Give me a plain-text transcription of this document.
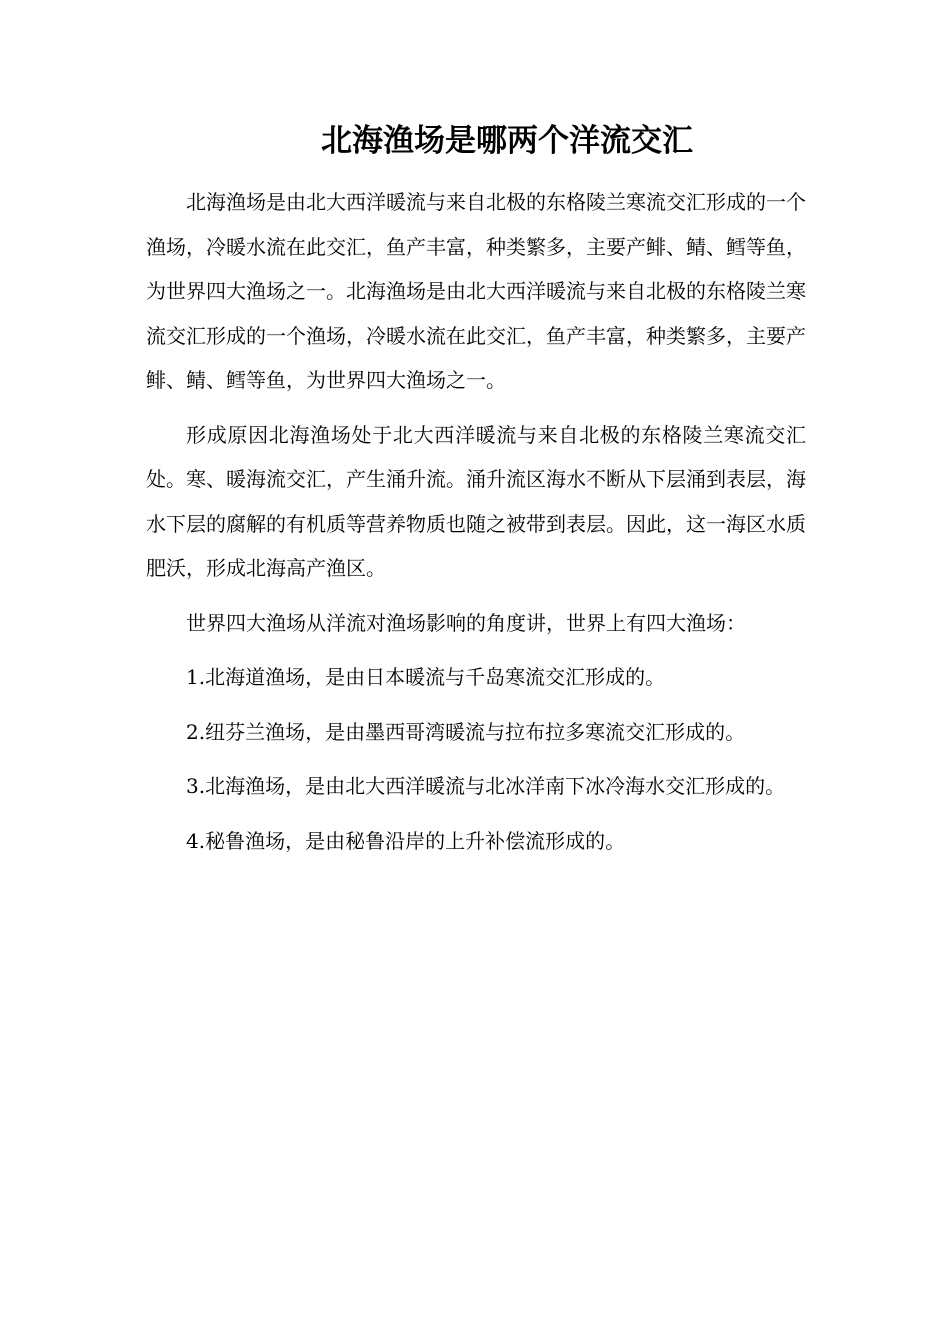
北海渔场是哪两个洋流交汇

北海渔场是由北大西洋暖流与来自北极的东格陵兰寒流交汇形成的一个渔场，冷暖水流在此交汇，鱼产丰富，种类繁多，主要产鲱、鲭、鳕等鱼，为世界四大渔场之一。北海渔场是由北大西洋暖流与来自北极的东格陵兰寒流交汇形成的一个渔场，冷暖水流在此交汇，鱼产丰富，种类繁多，主要产鲱、鲭、鳕等鱼，为世界四大渔场之一。

形成原因北海渔场处于北大西洋暖流与来自北极的东格陵兰寒流交汇处。寒、暖海流交汇，产生涌升流。涌升流区海水不断从下层涌到表层，海水下层的腐解的有机质等营养物质也随之被带到表层。因此，这一海区水质肥沃，形成北海高产渔区。

世界四大渔场从洋流对渔场影响的角度讲，世界上有四大渔场：

1.北海道渔场，是由日本暖流与千岛寒流交汇形成的。

2.纽芬兰渔场，是由墨西哥湾暖流与拉布拉多寒流交汇形成的。

3.北海渔场，是由北大西洋暖流与北冰洋南下冰冷海水交汇形成的。

4.秘鲁渔场，是由秘鲁沿岸的上升补偿流形成的。
